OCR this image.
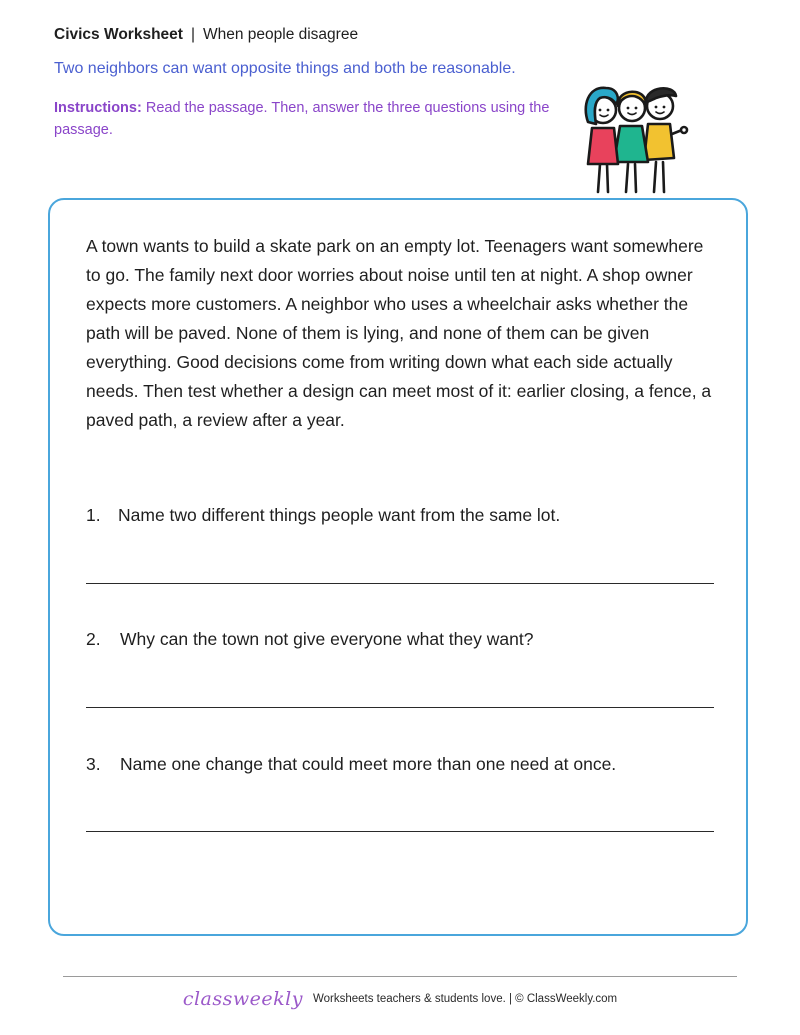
Civics Worksheet | When people disagree
Two neighbors can want opposite things and both be reasonable.
Instructions: Read the passage. Then, answer the three questions using the passage.
A town wants to build a skate park on an empty lot. Teenagers want somewhere to go. The family next door worries about noise until ten at night. A shop owner expects more customers. A neighbor who uses a wheelchair asks whether the path will be paved. None of them is lying, and none of them can be given everything. Good decisions come from writing down what each side actually needs. Then test whether a design can meet most of it: earlier closing, a fence, a paved path, a review after a year.
1. Name two different things people want from the same lot.
2. Why can the town not give everyone what they want?
3. Name one change that could meet more than one need at once.
classweekly Worksheets teachers & students love. | © ClassWeekly.com
